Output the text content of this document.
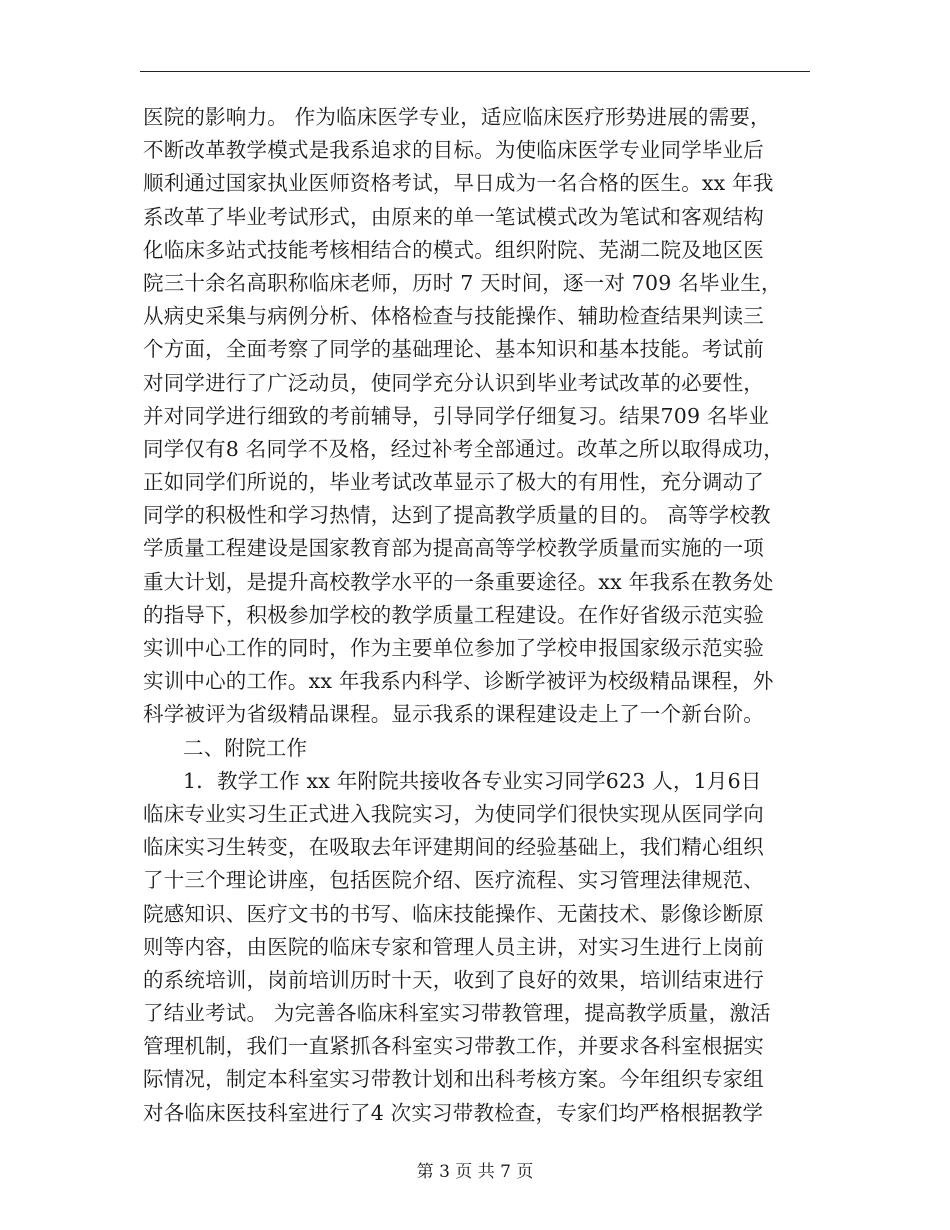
医院的影响力。 作为临床医学专业，适应临床医疗形势进展的需要，
不断改革教学模式是我系追求的目标。为使临床医学专业同学毕业后
顺利通过国家执业医师资格考试，早日成为一名合格的医生。xx 年我
系改革了毕业考试形式，由原来的单一笔试模式改为笔试和客观结构
化临床多站式技能考核相结合的模式。组织附院、芜湖二院及地区医
院三十余名高职称临床老师，历时 7 天时间，逐一对 709 名毕业生，
从病史采集与病例分析、体格检查与技能操作、辅助检查结果判读三
个方面，全面考察了同学的基础理论、基本知识和基本技能。考试前
对同学进行了广泛动员，使同学充分认识到毕业考试改革的必要性，
并对同学进行细致的考前辅导，引导同学仔细复习。结果709 名毕业
同学仅有8 名同学不及格，经过补考全部通过。改革之所以取得成功，
正如同学们所说的，毕业考试改革显示了极大的有用性，充分调动了
同学的积极性和学习热情，达到了提高教学质量的目的。 高等学校教
学质量工程建设是国家教育部为提高高等学校教学质量而实施的一项
重大计划，是提升高校教学水平的一条重要途径。xx 年我系在教务处
的指导下，积极参加学校的教学质量工程建设。在作好省级示范实验
实训中心工作的同时，作为主要单位参加了学校申报国家级示范实验
实训中心的工作。xx 年我系内科学、诊断学被评为校级精品课程，外
科学被评为省级精品课程。显示我系的课程建设走上了一个新台阶。
二、附院工作
1．教学工作 xx 年附院共接收各专业实习同学623 人，1月6日
临床专业实习生正式进入我院实习，为使同学们很快实现从医同学向
临床实习生转变，在吸取去年评建期间的经验基础上，我们精心组织
了十三个理论讲座，包括医院介绍、医疗流程、实习管理法律规范、
院感知识、医疗文书的书写、临床技能操作、无菌技术、影像诊断原
则等内容，由医院的临床专家和管理人员主讲，对实习生进行上岗前
的系统培训，岗前培训历时十天，收到了良好的效果，培训结束进行
了结业考试。 为完善各临床科室实习带教管理，提高教学质量，激活
管理机制，我们一直紧抓各科室实习带教工作，并要求各科室根据实
际情况，制定本科室实习带教计划和出科考核方案。今年组织专家组
对各临床医技科室进行了4 次实习带教检查，专家们均严格根据教学
第 3 页 共 7 页
